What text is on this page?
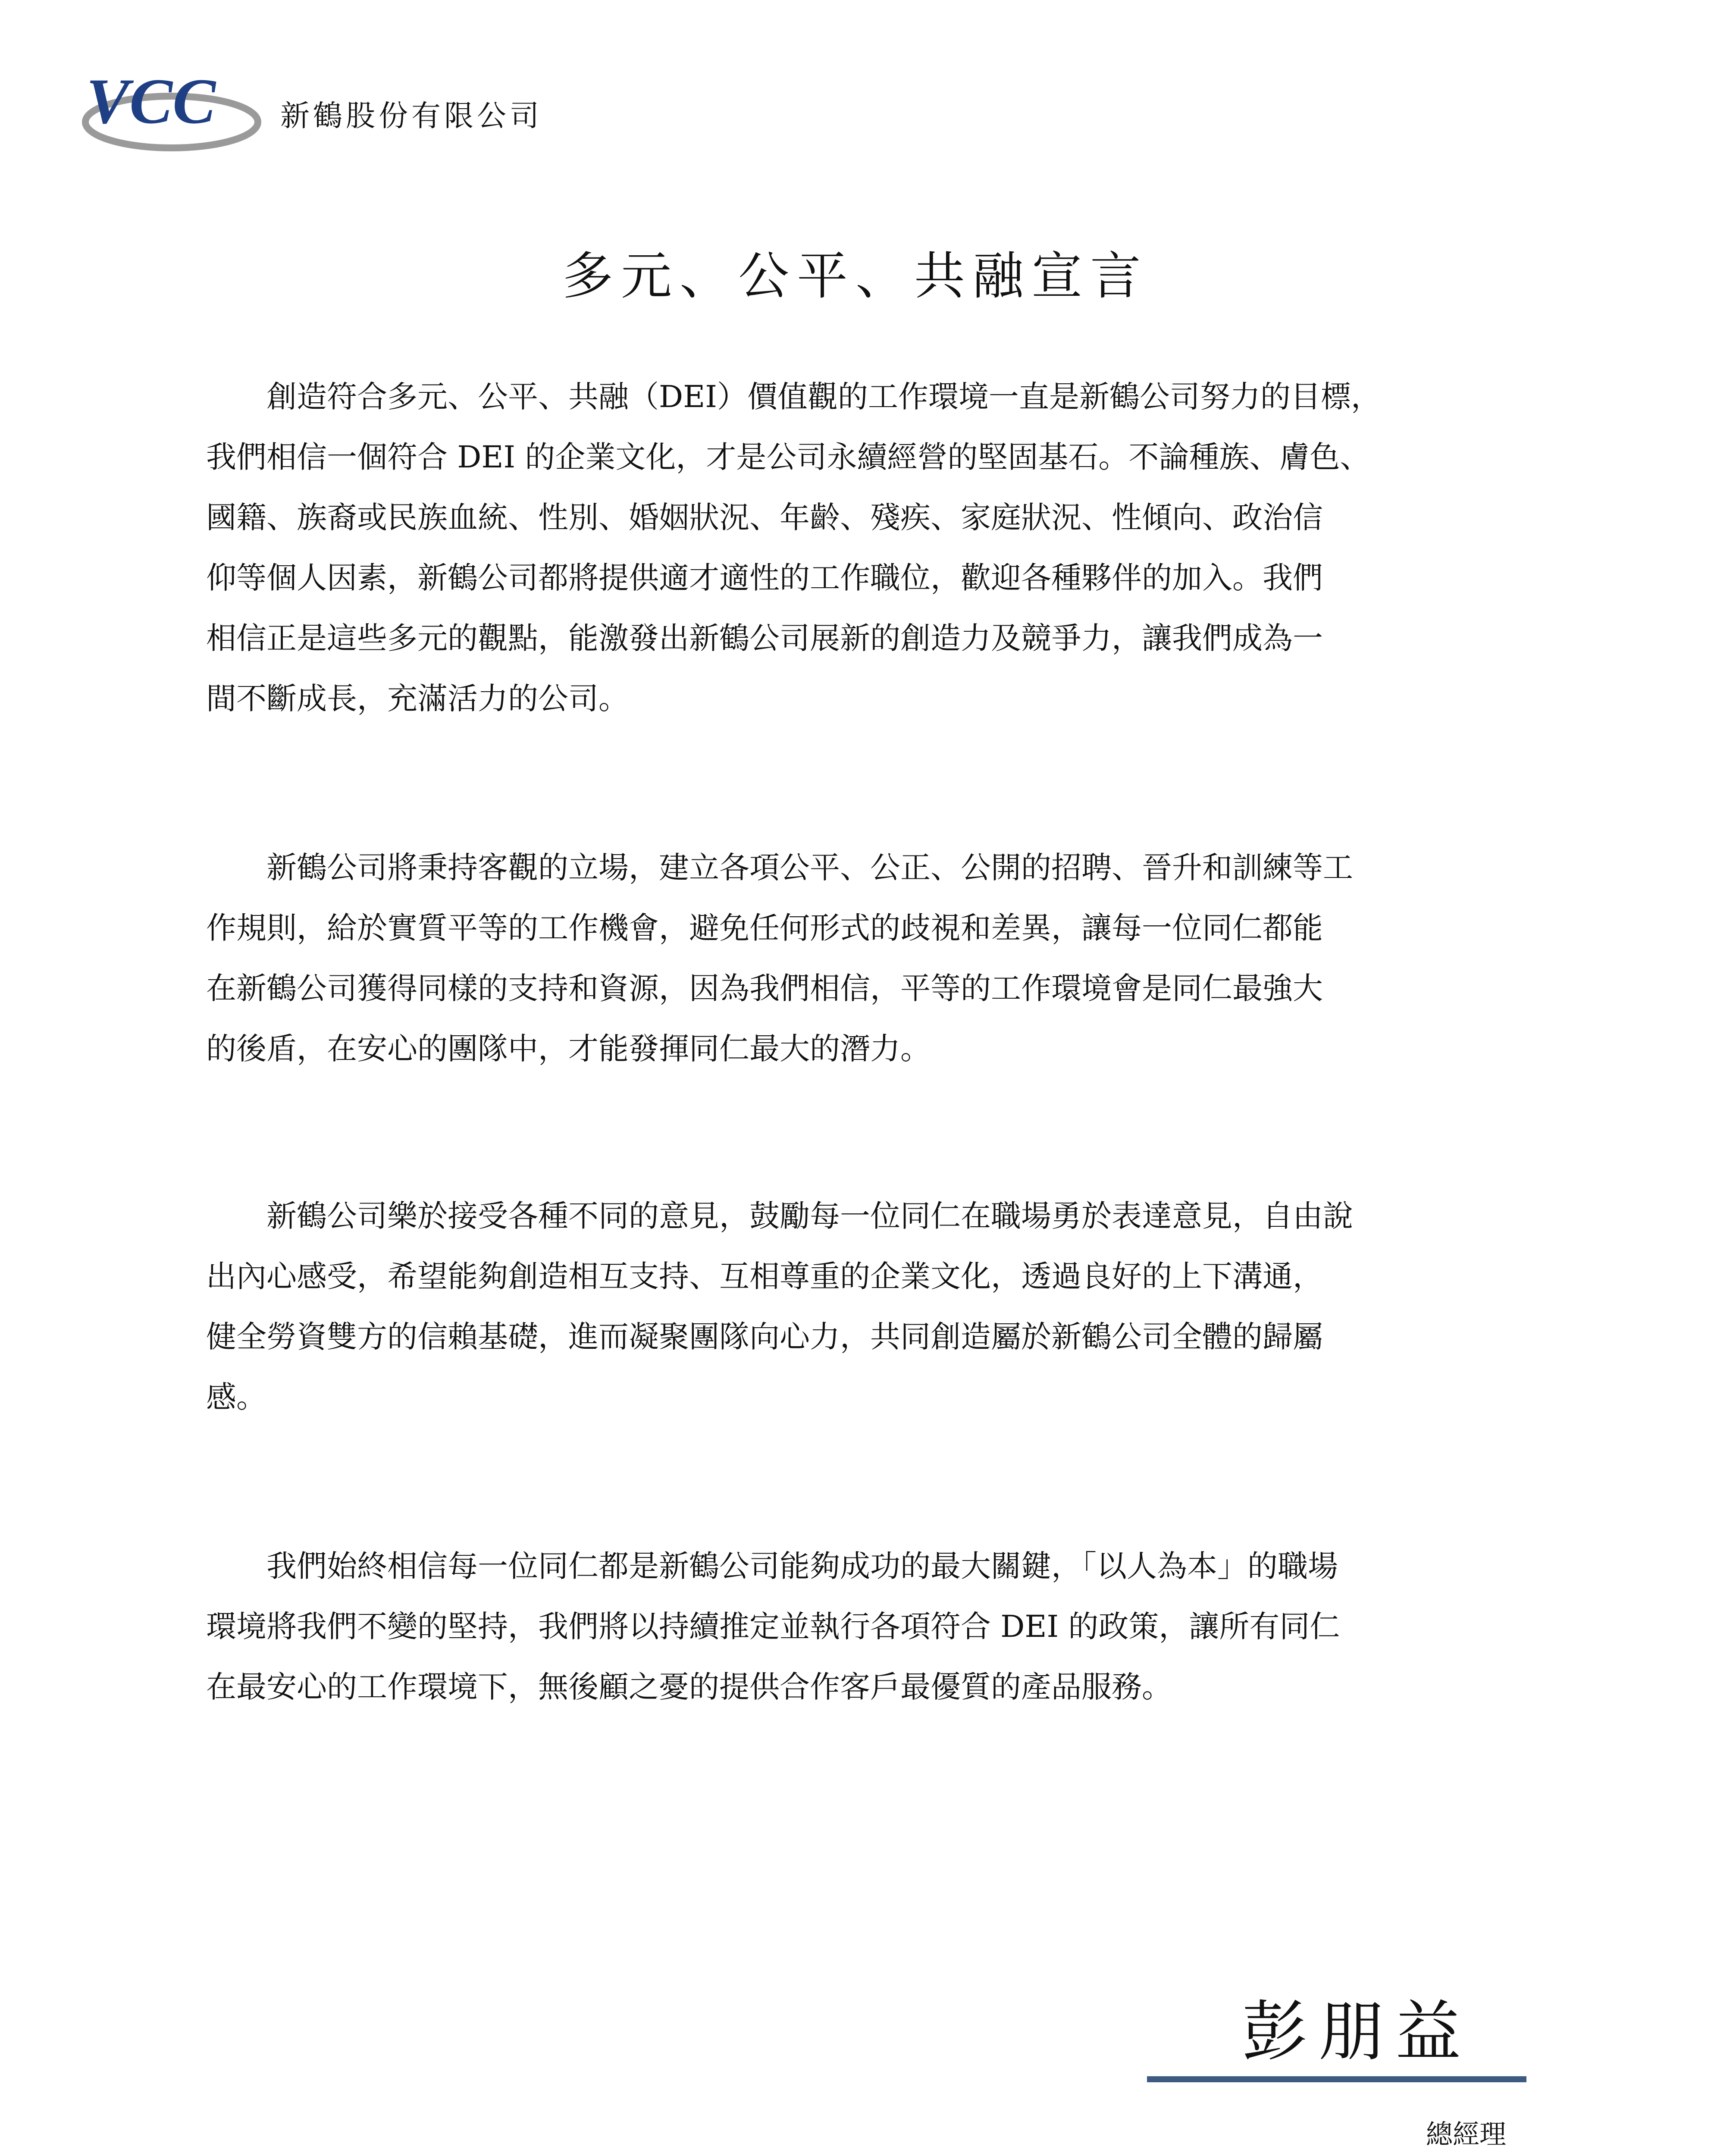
VCC 新鶴股份有限公司
多元、公平、共融宣言
創造符合多元、公平、共融（DEI）價值觀的工作環境一直是新鶴公司努力的目標，
我們相信一個符合 DEI 的企業文化，才是公司永續經營的堅固基石。不論種族、膚色、
國籍、族裔或民族血統、性別、婚姻狀況、年齡、殘疾、家庭狀況、性傾向、政治信
仰等個人因素，新鶴公司都將提供適才適性的工作職位，歡迎各種夥伴的加入。我們
相信正是這些多元的觀點，能激發出新鶴公司展新的創造力及競爭力，讓我們成為一
間不斷成長，充滿活力的公司。
新鶴公司將秉持客觀的立場，建立各項公平、公正、公開的招聘、晉升和訓練等工
作規則，給於實質平等的工作機會，避免任何形式的歧視和差異，讓每一位同仁都能
在新鶴公司獲得同樣的支持和資源，因為我們相信，平等的工作環境會是同仁最強大
的後盾，在安心的團隊中，才能發揮同仁最大的潛力。
新鶴公司樂於接受各種不同的意見，鼓勵每一位同仁在職場勇於表達意見，自由說
出內心感受，希望能夠創造相互支持、互相尊重的企業文化，透過良好的上下溝通，
健全勞資雙方的信賴基礎，進而凝聚團隊向心力，共同創造屬於新鶴公司全體的歸屬
感。
我們始終相信每一位同仁都是新鶴公司能夠成功的最大關鍵，「以人為本」的職場
環境將我們不變的堅持，我們將以持續推定並執行各項符合 DEI 的政策，讓所有同仁
在最安心的工作環境下，無後顧之憂的提供合作客戶最優質的產品服務。
彭朋益
總經理
